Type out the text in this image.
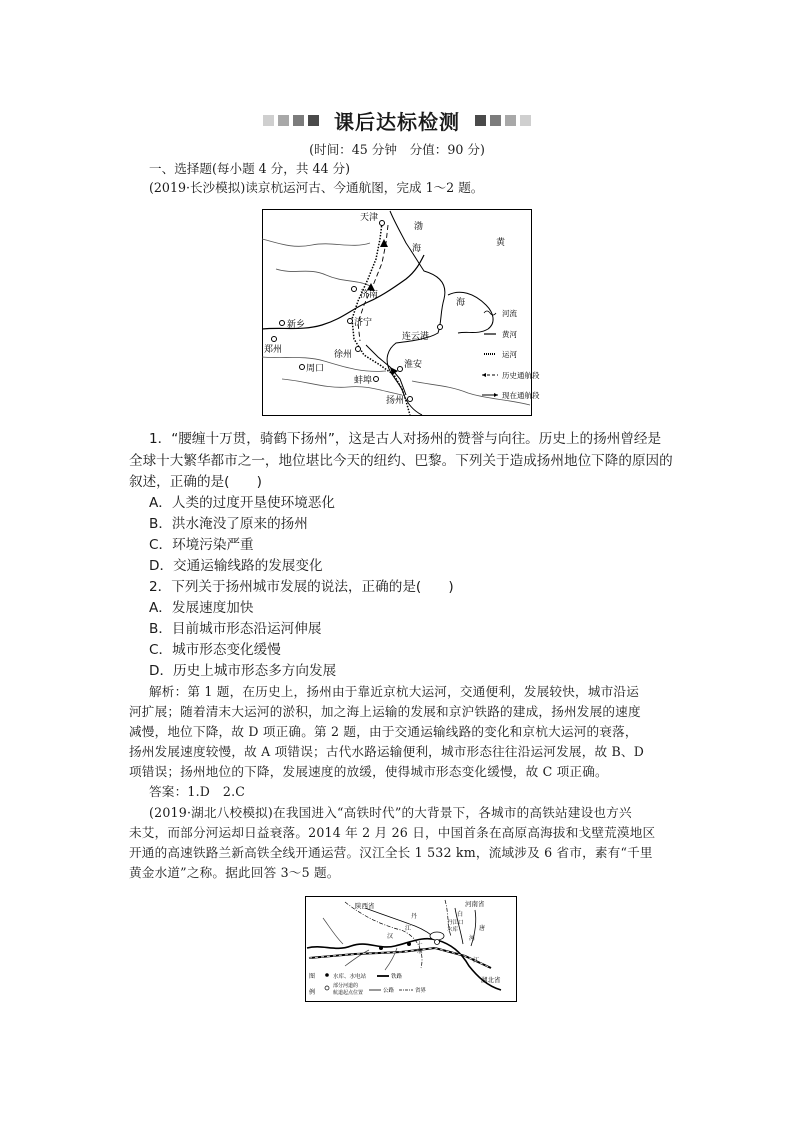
课后达标检测
(时间：45 分钟　分值：90 分)
一、选择题(每小题 4 分，共 44 分)
(2019·长沙模拟)读京杭运河古、今通航图，完成 1～2 题。
天津
渤
海
黄
海
济南
济宁
新乡
郑州	徐州
连云港
淮安
周口
蚌埠
扬州
河流
黄河
运河
历史通航段
现在通航段
1．“腰缠十万贯，骑鹤下扬州”，这是古人对扬州的赞誉与向往。历史上的扬州曾经是
全球十大繁华都市之一，地位堪比今天的纽约、巴黎。下列关于造成扬州地位下降的原因的
叙述，正确的是(　　)
A．人类的过度开垦使环境恶化
B．洪水淹没了原来的扬州
C．环境污染严重
D．交通运输线路的发展变化
2．下列关于扬州城市发展的说法，正确的是(　　)
A．发展速度加快
B．目前城市形态沿运河伸展
C．城市形态变化缓慢
D．历史上城市形态多方向发展
解析：第 1 题，在历史上，扬州由于靠近京杭大运河，交通便利，发展较快，城市沿运
河扩展；随着清末大运河的淤积，加之海上运输的发展和京沪铁路的建成，扬州发展的速度
减慢，地位下降，故 D 项正确。第 2 题，由于交通运输线路的变化和京杭大运河的衰落，
扬州发展速度较慢，故 A 项错误；古代水路运输便利，城市形态往往沿运河发展，故 B、D
项错误；扬州地位的下降，发展速度的放缓，使得城市形态变化缓慢，故 C 项正确。
答案：1.D　2.C
(2019·湖北八校模拟)在我国进入“高铁时代”的大背景下，各城市的高铁站建设也方兴
未艾，而部分河运却日益衰落。2014 年 2 月 26 日，中国首条在高原高海拔和戈壁荒漠地区
开通的高速铁路兰新高铁全线开通运营。汉江全长 1 532 km，流域涉及 6 省市，素有“千里
黄金水道”之称。据此回答 3～5 题。
陕西省	河南省
湖北省
丹
汉
江
丹江口
水库
白
唐
河
江
十
堰
图
例
水库、水电站	铁路
部分河道的
航道起点位置	公路	省界
